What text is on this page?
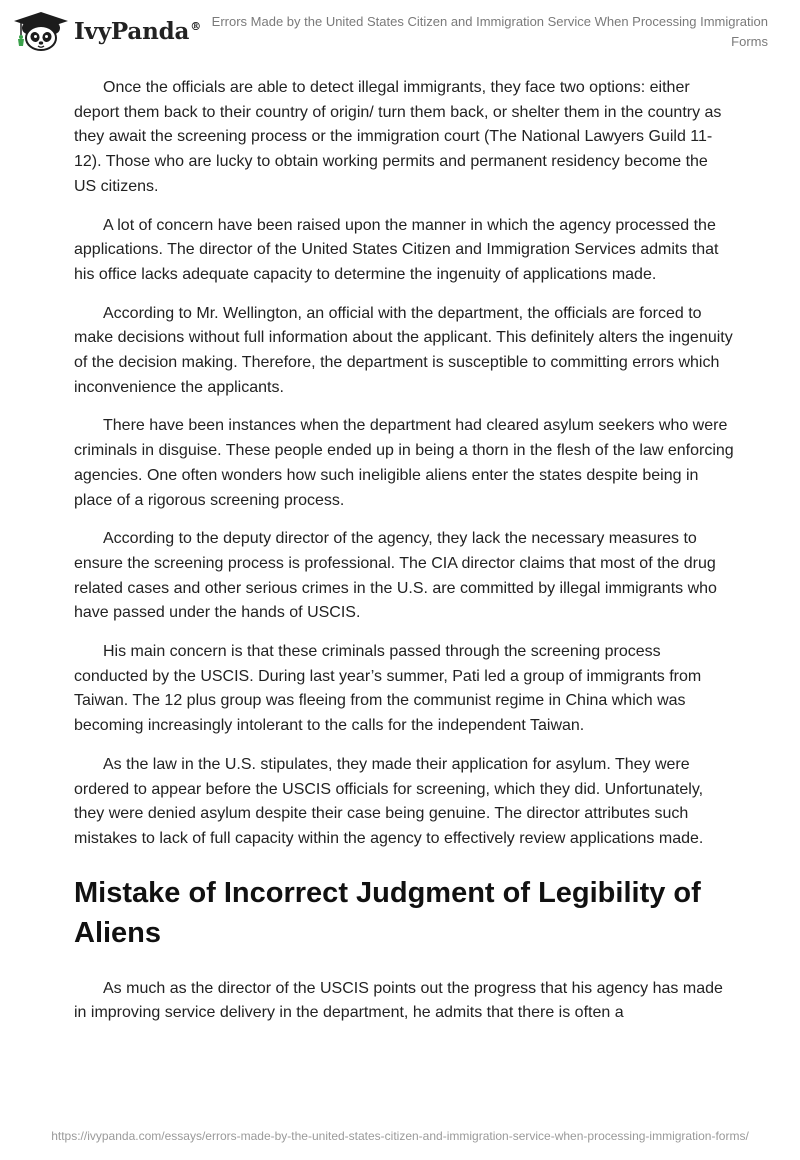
IvyPanda® Errors Made by the United States Citizen and Immigration Service When Processing Immigration Forms

Once the officials are able to detect illegal immigrants, they face two options: either deport them back to their country of origin/ turn them back, or shelter them in the country as they await the screening process or the immigration court (The National Lawyers Guild 11-12). Those who are lucky to obtain working permits and permanent residency become the US citizens.

A lot of concern have been raised upon the manner in which the agency processed the applications. The director of the United States Citizen and Immigration Services admits that his office lacks adequate capacity to determine the ingenuity of applications made.

According to Mr. Wellington, an official with the department, the officials are forced to make decisions without full information about the applicant. This definitely alters the ingenuity of the decision making. Therefore, the department is susceptible to committing errors which inconvenience the applicants.

There have been instances when the department had cleared asylum seekers who were criminals in disguise. These people ended up in being a thorn in the flesh of the law enforcing agencies. One often wonders how such ineligible aliens enter the states despite being in place of a rigorous screening process.

According to the deputy director of the agency, they lack the necessary measures to ensure the screening process is professional. The CIA director claims that most of the drug related cases and other serious crimes in the U.S. are committed by illegal immigrants who have passed under the hands of USCIS.

His main concern is that these criminals passed through the screening process conducted by the USCIS. During last year’s summer, Pati led a group of immigrants from Taiwan. The 12 plus group was fleeing from the communist regime in China which was becoming increasingly intolerant to the calls for the independent Taiwan.

As the law in the U.S. stipulates, they made their application for asylum. They were ordered to appear before the USCIS officials for screening, which they did. Unfortunately, they were denied asylum despite their case being genuine. The director attributes such mistakes to lack of full capacity within the agency to effectively review applications made.

Mistake of Incorrect Judgment of Legibility of Aliens

As much as the director of the USCIS points out the progress that his agency has made in improving service delivery in the department, he admits that there is often a

https://ivypanda.com/essays/errors-made-by-the-united-states-citizen-and-immigration-service-when-processing-immigration-forms/
